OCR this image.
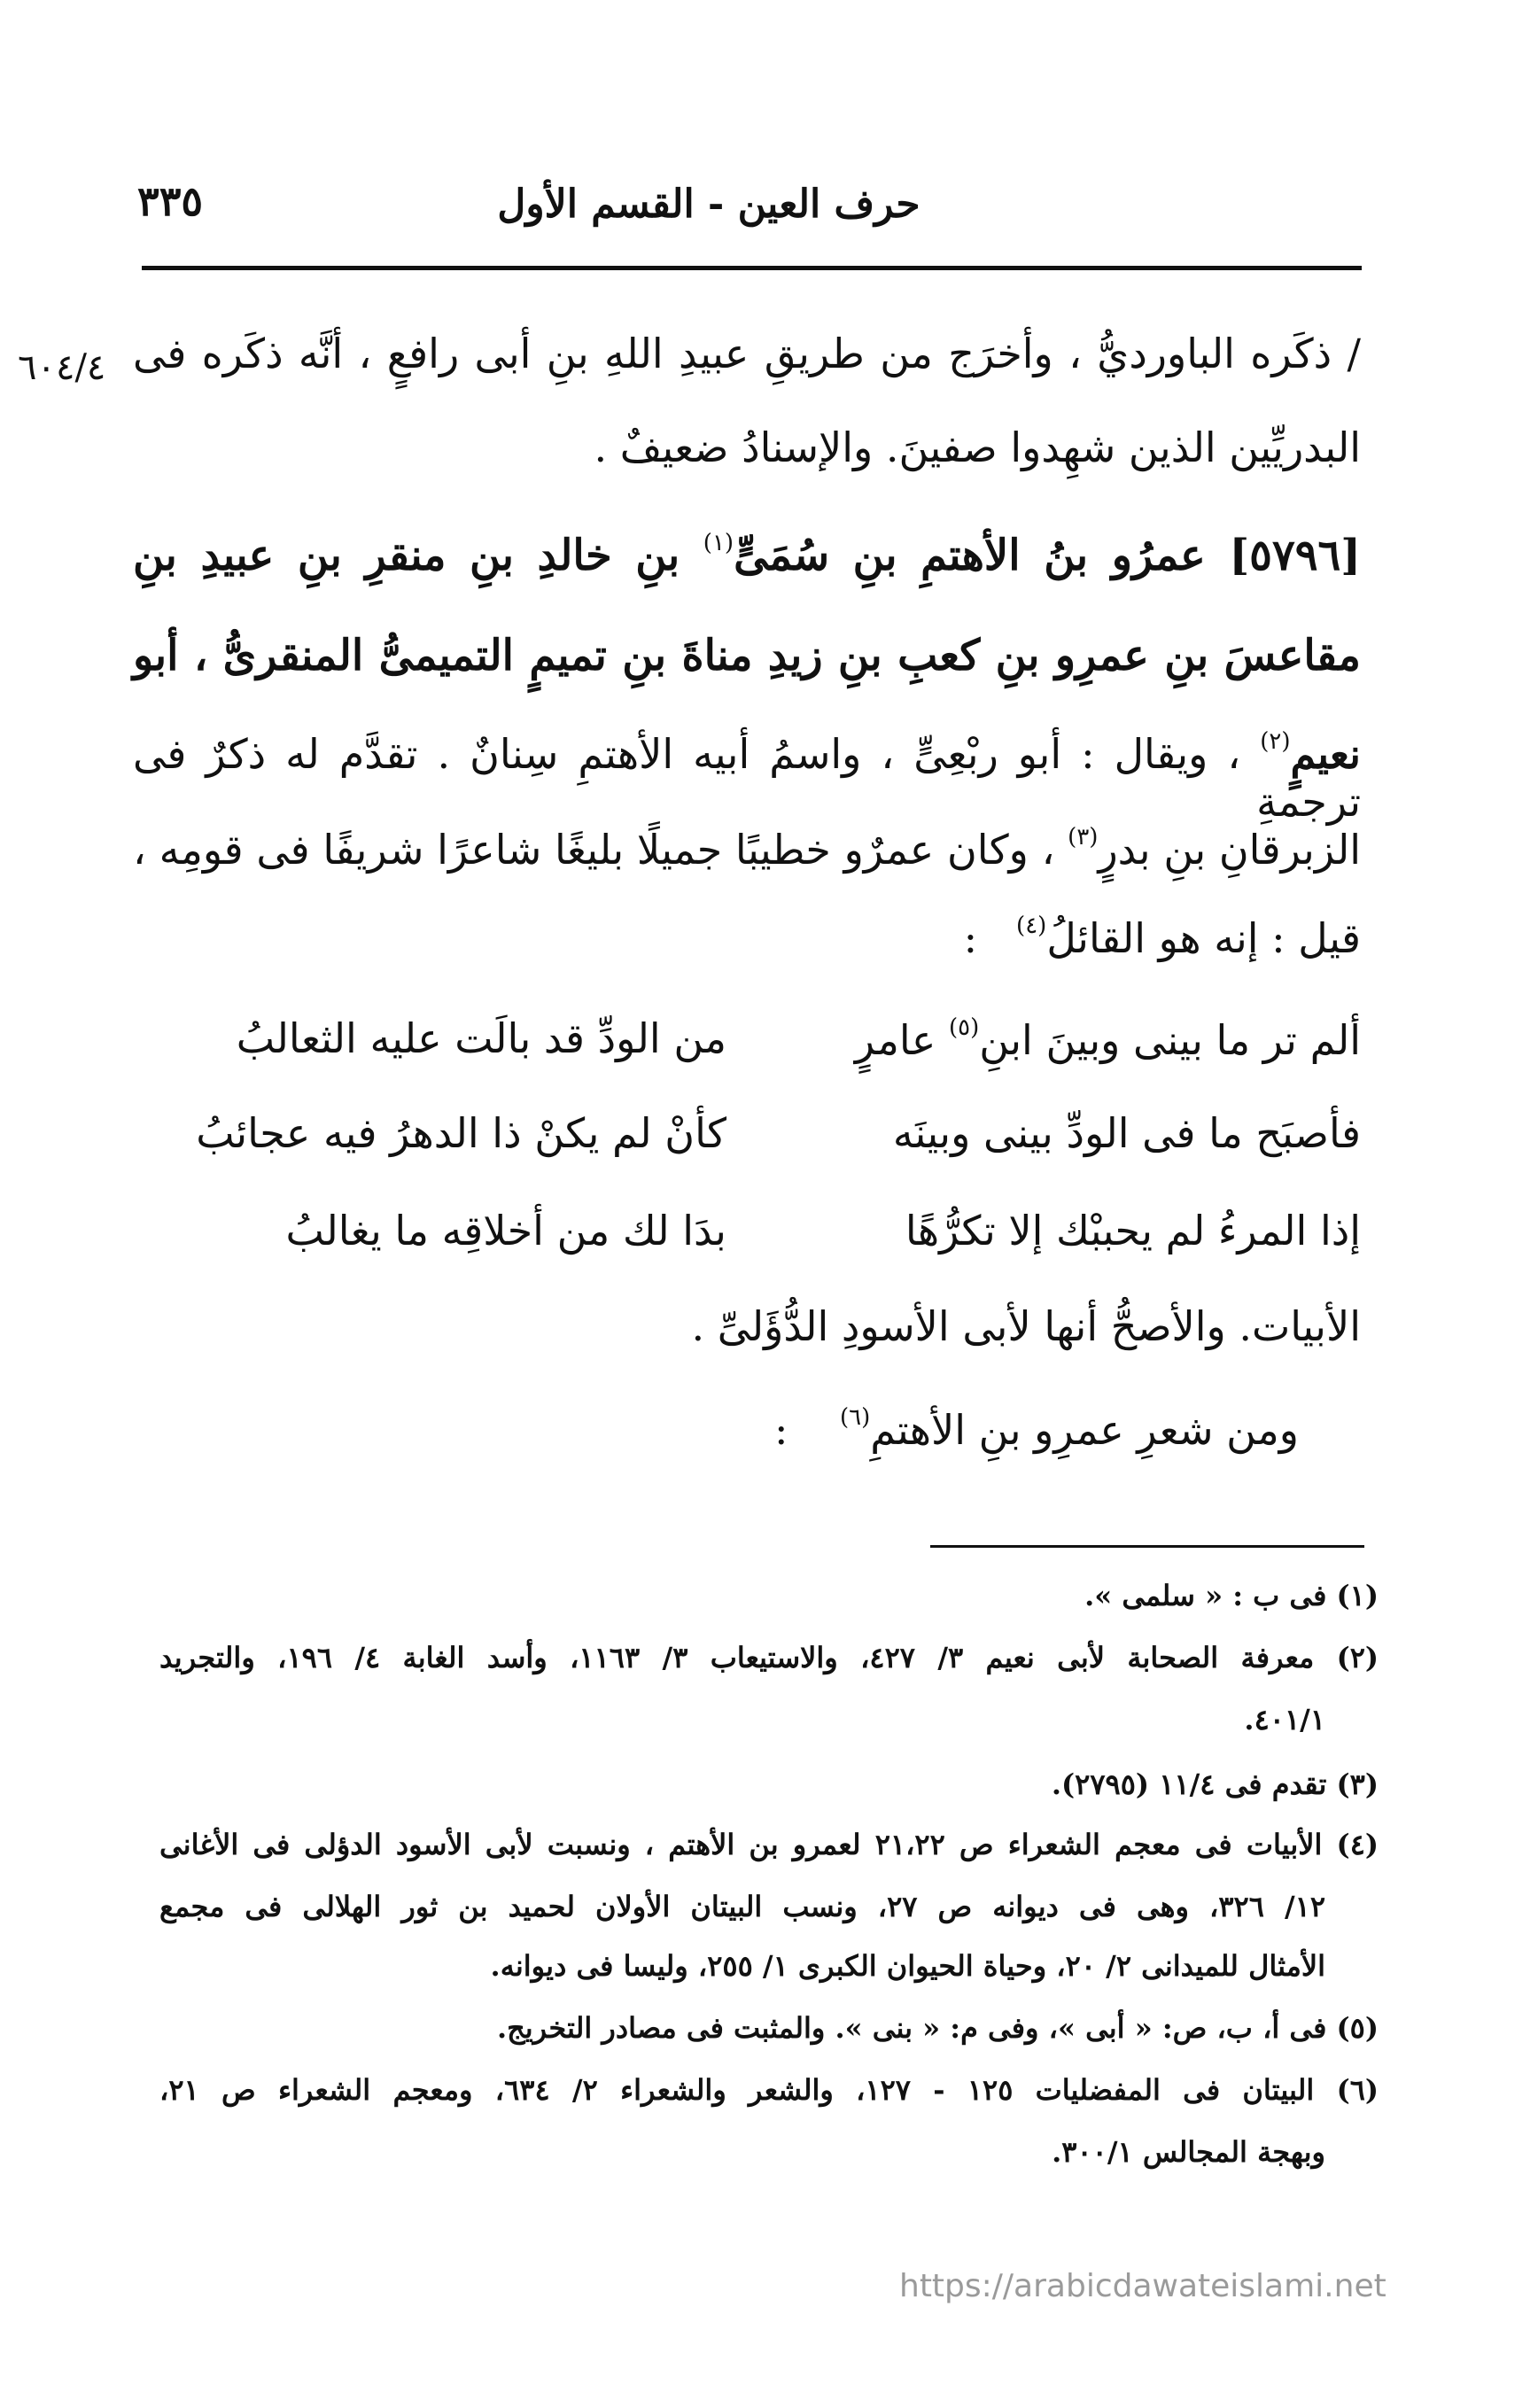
٣٣٥	حرف العين - القسم الأول
٦٠٤/٤ / ذكَره الباورديُّ ، وأخرَج من طريقِ عبيدِ اللهِ بنِ أبى رافعٍ ، أنَّه ذكَره فى
البدريِّين الذين شهِدوا صفينَ. والإسنادُ ضعيفٌ .
[٥٧٩٦] عمرُو بنُ الأهتمِ بنِ سُمَىٍّ$^{(١)}$ بنِ خالدِ بنِ منقرِ بنِ عبيدِ بنِ
مقاعسَ بنِ عمرِو بنِ كعبِ بنِ زيدِ مناةَ بنِ تميمٍ التميمىُّ المنقرىُّ ، أبو
نعيمٍ$^{(٢)}$ ، ويقال : أبو ربْعِىٍّ ، واسمُ أبيه الأهتمِ سِنانٌ . تقدَّم له ذكرٌ فى ترجمةِ
الزبرقانِ بنِ بدرٍ$^{(٣)}$ ، وكان عمرٌو خطيبًا جميلًا بليغًا شاعرًا شريفًا فى قومِه ،
قيل : إنه هو القائلُ$^{(٤)}$   :
ألم تر ما بينى وبينَ ابنِ$^{(٥)}$ عامرٍ
من الودِّ قد بالَت عليه الثعالبُ
فأصبَح ما فى الودِّ بينى وبينَه
كأنْ لم يكنْ ذا الدهرُ فيه عجائبُ
إذا المرءُ لم يحببْك إلا تكرُّهًا
بدَا لك من أخلاقِه ما يغالبُ
الأبيات. والأصحُّ أنها لأبى الأسودِ الدُّؤَلىِّ .
ومن شعرِ عمرِو بنِ الأهتمِ$^{(٦)}$    :
(١) فى ب : « سلمى ».
(٢) معرفة الصحابة لأبى نعيم ٣/ ٤٢٧، والاستيعاب ٣/ ١١٦٣، وأسد الغابة ٤/ ١٩٦، والتجريد
٤٠١/١.
(٣) تقدم فى ١١/٤ (٢٧٩٥).
(٤) الأبيات فى معجم الشعراء ص ٢١،٢٢ لعمرو بن الأهتم ، ونسبت لأبى الأسود الدؤلى فى الأغانى
١٢/ ٣٢٦، وهى فى ديوانه ص ٢٧، ونسب البيتان الأولان لحميد بن ثور الهلالى فى مجمع
الأمثال للميدانى ٢/ ٢٠، وحياة الحيوان الكبرى ١/ ٢٥٥، وليسا فى ديوانه.
(٥) فى أ، ب، ص: « أبى »، وفى م: « بنى ». والمثبت فى مصادر التخريج.
(٦) البيتان فى المفضليات ١٢٥ - ١٢٧، والشعر والشعراء ٢/ ٦٣٤، ومعجم الشعراء ص ٢١،
وبهجة المجالس ٣٠٠/١.
https://arabicdawateislami.net
